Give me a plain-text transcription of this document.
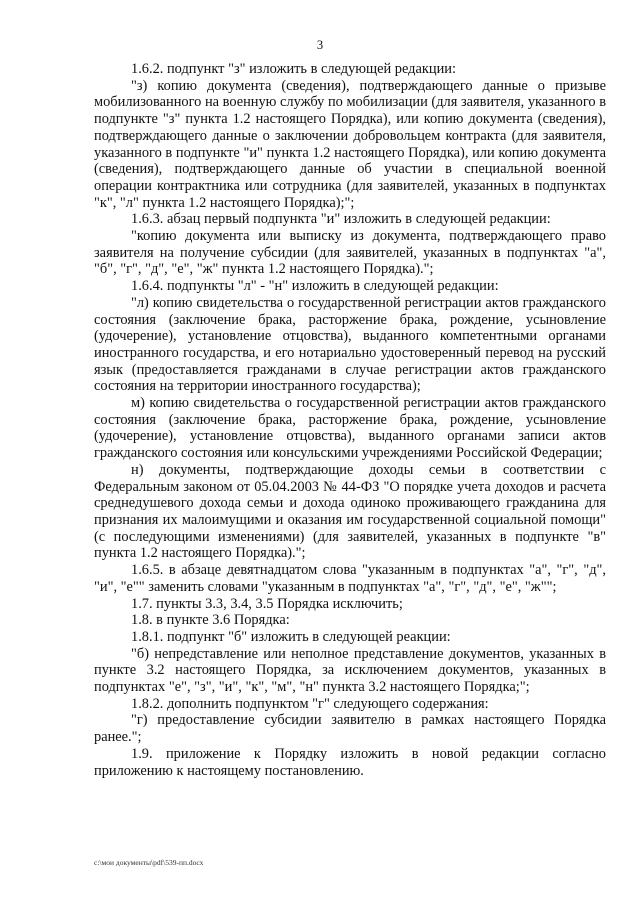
3

1.6.2. подпункт "з" изложить в следующей редакции:

"з) копию документа (сведения), подтверждающего данные о призыве мобилизованного на военную службу по мобилизации (для заявителя, указанного в подпункте "з" пункта 1.2 настоящего Порядка), или копию документа (сведения), подтверждающего данные о заключении добровольцем контракта (для заявителя, указанного в подпункте "и" пункта 1.2 настоящего Порядка), или копию документа (сведения), подтверждающего данные об участии в специальной военной операции контрактника или сотрудника (для заявителей, указанных в подпунктах "к", "л" пункта 1.2 настоящего Порядка);";

1.6.3. абзац первый подпункта "и" изложить в следующей редакции:

"копию документа или выписку из документа, подтверждающего право заявителя на получение субсидии (для заявителей, указанных в подпунктах "а", "б", "г", "д", "е", "ж" пункта 1.2 настоящего Порядка).";

1.6.4. подпункты "л" - "н" изложить в следующей редакции:

"л) копию свидетельства о государственной регистрации актов гражданского состояния (заключение брака, расторжение брака, рождение, усыновление (удочерение), установление отцовства), выданного компетентными органами иностранного государства, и его нотариально удостоверенный перевод на русский язык (предоставляется гражданами в случае регистрации актов гражданского состояния на территории иностранного государства);

м) копию свидетельства о государственной регистрации актов гражданского состояния (заключение брака, расторжение брака, рождение, усыновление (удочерение), установление отцовства), выданного органами записи актов гражданского состояния или консульскими учреждениями Российской Федерации;

н) документы, подтверждающие доходы семьи в соответствии с Федеральным законом от 05.04.2003 № 44-ФЗ "О порядке учета доходов и расчета среднедушевого дохода семьи и дохода одиноко проживающего гражданина для признания их малоимущими и оказания им государственной социальной помощи" (с последующими изменениями) (для заявителей, указанных в подпункте "в" пункта 1.2 настоящего Порядка).";

1.6.5. в абзаце девятнадцатом слова "указанным в подпунктах "а", "г", "д", "и", "е"" заменить словами "указанным в подпунктах "а", "г", "д", "е", "ж"";

1.7. пункты 3.3, 3.4, 3.5 Порядка исключить;

1.8. в пункте 3.6 Порядка:

1.8.1. подпункт "б" изложить в следующей реакции:

"б) непредставление или неполное представление документов, указанных в пункте 3.2 настоящего Порядка, за исключением документов, указанных в подпунктах "е", "з", "и", "к", "м", "н" пункта 3.2 настоящего Порядка;";

1.8.2. дополнить подпунктом "г" следующего содержания:

"г) предоставление субсидии заявителю в рамках настоящего Порядка ранее.";

1.9. приложение к Порядку изложить в новой редакции согласно приложению к настоящему постановлению.

c:\мои документы\pdf\539-пп.docx
